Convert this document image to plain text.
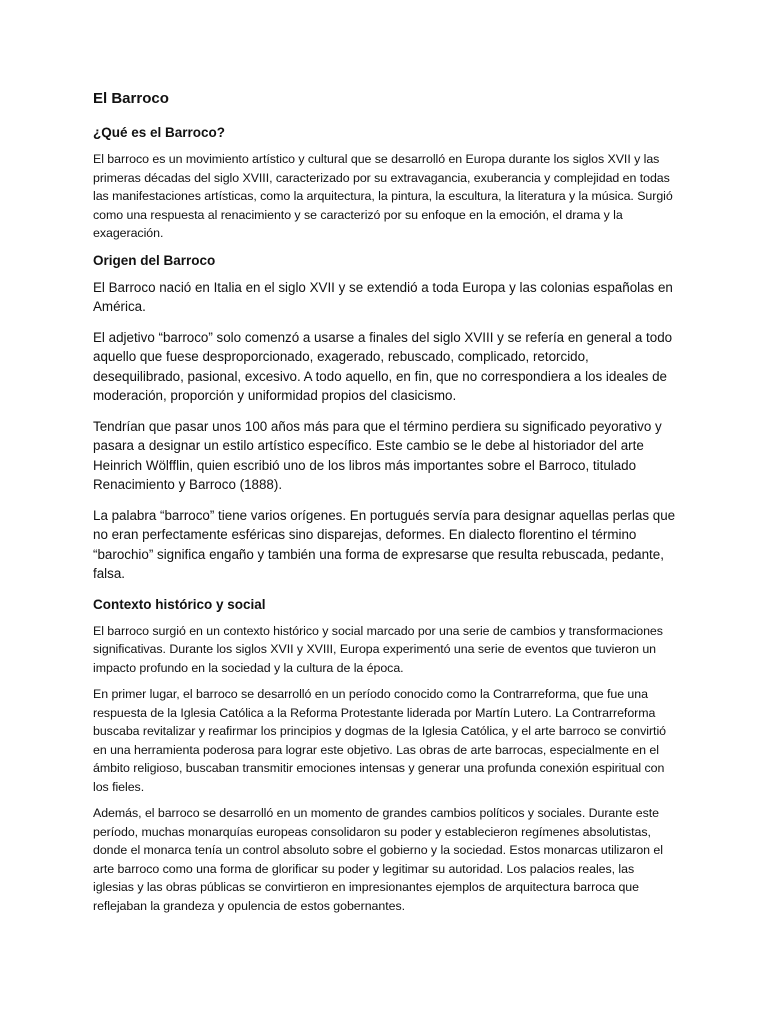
El Barroco
¿Qué es el Barroco?

El barroco es un movimiento artístico y cultural que se desarrolló en Europa durante los siglos XVII y las primeras décadas del siglo XVIII, caracterizado por su extravagancia, exuberancia y complejidad en todas las manifestaciones artísticas, como la arquitectura, la pintura, la escultura, la literatura y la música. Surgió como una respuesta al renacimiento y se caracterizó por su enfoque en la emoción, el drama y la exageración.

Origen del Barroco

El Barroco nació en Italia en el siglo XVII y se extendió a toda Europa y las colonias españolas en América.

El adjetivo “barroco” solo comenzó a usarse a finales del siglo XVIII y se refería en general a todo aquello que fuese desproporcionado, exagerado, rebuscado, complicado, retorcido, desequilibrado, pasional, excesivo. A todo aquello, en fin, que no correspondiera a los ideales de moderación, proporción y uniformidad propios del clasicismo.

Tendrían que pasar unos 100 años más para que el término perdiera su significado peyorativo y pasara a designar un estilo artístico específico. Este cambio se le debe al historiador del arte Heinrich Wölfflin, quien escribió uno de los libros más importantes sobre el Barroco, titulado Renacimiento y Barroco (1888).

La palabra “barroco” tiene varios orígenes. En portugués servía para designar aquellas perlas que no eran perfectamente esféricas sino disparejas, deformes. En dialecto florentino el término “barochio” significa engaño y también una forma de expresarse que resulta rebuscada, pedante, falsa.

Contexto histórico y social

El barroco surgió en un contexto histórico y social marcado por una serie de cambios y transformaciones significativas. Durante los siglos XVII y XVIII, Europa experimentó una serie de eventos que tuvieron un impacto profundo en la sociedad y la cultura de la época.

En primer lugar, el barroco se desarrolló en un período conocido como la Contrarreforma, que fue una respuesta de la Iglesia Católica a la Reforma Protestante liderada por Martín Lutero. La Contrarreforma buscaba revitalizar y reafirmar los principios y dogmas de la Iglesia Católica, y el arte barroco se convirtió en una herramienta poderosa para lograr este objetivo. Las obras de arte barrocas, especialmente en el ámbito religioso, buscaban transmitir emociones intensas y generar una profunda conexión espiritual con los fieles.

Además, el barroco se desarrolló en un momento de grandes cambios políticos y sociales. Durante este período, muchas monarquías europeas consolidaron su poder y establecieron regímenes absolutistas, donde el monarca tenía un control absoluto sobre el gobierno y la sociedad. Estos monarcas utilizaron el arte barroco como una forma de glorificar su poder y legitimar su autoridad. Los palacios reales, las iglesias y las obras públicas se convirtieron en impresionantes ejemplos de arquitectura barroca que reflejaban la grandeza y opulencia de estos gobernantes.
